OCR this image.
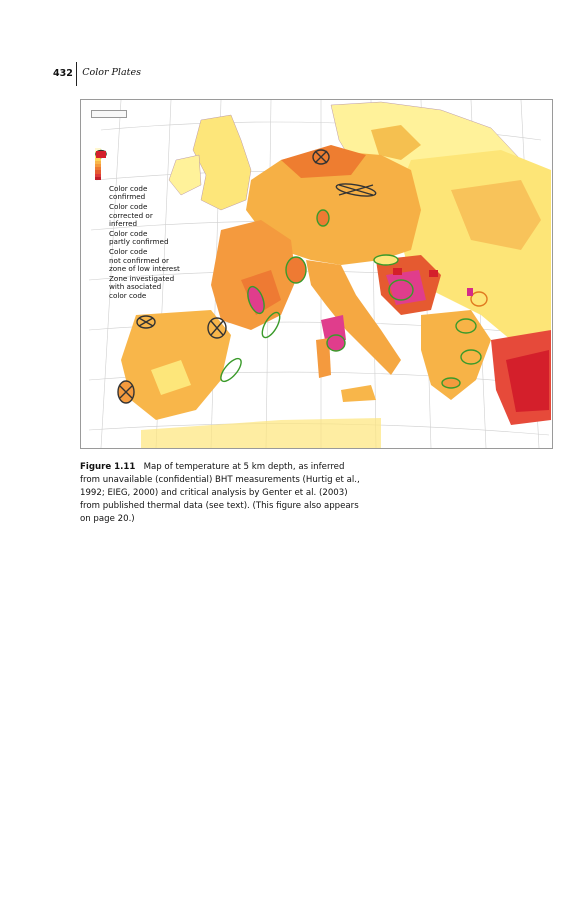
432 Color Plates
Color code
confirmed
Color code
corrected or
inferred
Color code
partly confirmed
Color code
not confirmed or
zone of low interest
Zone investigated
with asociated
color code
Figure 1.11 Map of temperature at 5 km depth, as inferred from unavailable (confidential) BHT measurements (Hurtig et al., 1992; EIEG, 2000) and critical analysis by Genter et al. (2003) from published thermal data (see text). (This figure also appears on page 20.)
